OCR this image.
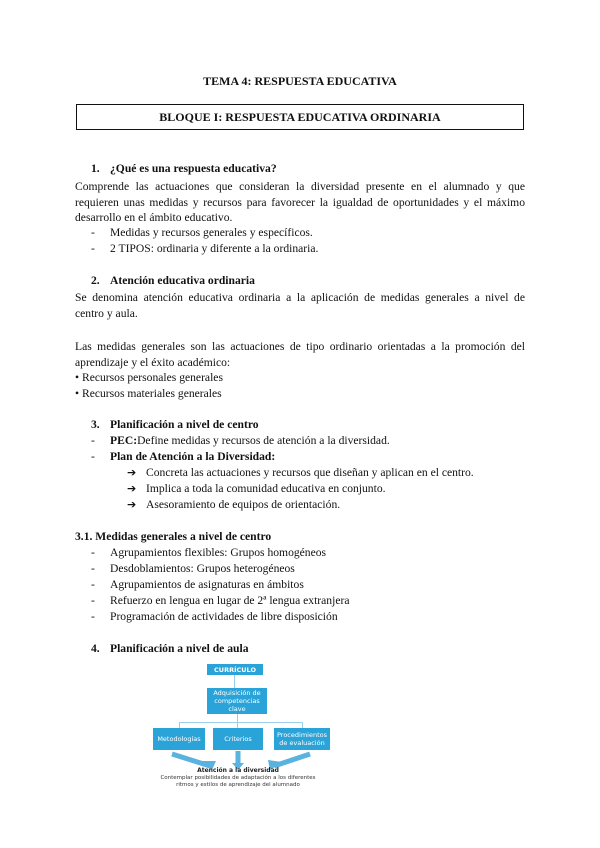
TEMA 4: RESPUESTA EDUCATIVA
BLOQUE I: RESPUESTA EDUCATIVA ORDINARIA
1. ¿Qué es una respuesta educativa?
Comprende las actuaciones que consideran la diversidad presente en el alumnado y que
requieren unas medidas y recursos para favorecer la igualdad de oportunidades y el máximo
desarrollo en el ámbito educativo.
- Medidas y recursos generales y específicos.
- 2 TIPOS: ordinaria y diferente a la ordinaria.
2. Atención educativa ordinaria
Se denomina atención educativa ordinaria a la aplicación de medidas generales a nivel de
centro y aula.
Las medidas generales son las actuaciones de tipo ordinario orientadas a la promoción del
aprendizaje y el éxito académico:
• Recursos personales generales
• Recursos materiales generales
3. Planificación a nivel de centro
- PEC:Define medidas y recursos de atención a la diversidad.
- Plan de Atención a la Diversidad:
➔ Concreta las actuaciones y recursos que diseñan y aplican en el centro.
➔ Implica a toda la comunidad educativa en conjunto.
➔ Asesoramiento de equipos de orientación.
3.1. Medidas generales a nivel de centro
- Agrupamientos flexibles: Grupos homogéneos
- Desdoblamientos: Grupos heterogéneos
- Agrupamientos de asignaturas en ámbitos
- Refuerzo en lengua en lugar de 2ª lengua extranjera
- Programación de actividades de libre disposición
4. Planificación a nivel de aula
CURRÍCULO
Adquisición de competencias clave
Metodologías	Criterios	Procedimientos de evaluación
Atención a la diversidad
Contemplar posibilidades de adaptación a los diferentes
ritmos y estilos de aprendizaje del alumnado
